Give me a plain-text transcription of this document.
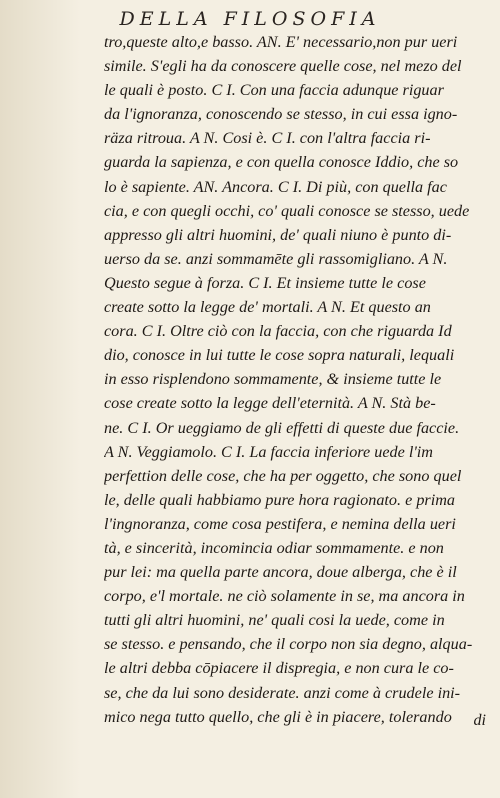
DELLA FILOSOFIA
tro,queste alto,e basso. AN. E' necessario,non pur ueri
simile. S'egli ha da conoscere quelle cose, nel mezo del
le quali è posto. C I. Con una faccia adunque riguar
da l'ignoranza, conoscendo se stesso, in cui essa igno-
räza ritroua. A N. Cosi è. C I. con l'altra faccia ri-
guarda la sapienza, e con quella conosce Iddio, che so
lo è sapiente. AN. Ancora. C I. Di più, con quella fac
cia, e con quegli occhi, co' quali conosce se stesso, uede
appresso gli altri huomini, de' quali niuno è punto di-
uerso da se. anzi sommamēte gli rassomigliano. A N.
Questo segue à forza. C I. Et insieme tutte le cose
create sotto la legge de' mortali. A N. Et questo an
cora. C I. Oltre ciò con la faccia, con che riguarda Id
dio, conosce in lui tutte le cose sopra naturali, lequali
in esso risplendono sommamente, & insieme tutte le
cose create sotto la legge dell'eternità. A N. Stà be-
ne. C I. Or ueggiamo de gli effetti di queste due faccie.
A N. Veggiamolo. C I. La faccia inferiore uede l'im
perfettion delle cose, che ha per oggetto, che sono quel
le, delle quali habbiamo pure hora ragionato. e prima
l'ingnoranza, come cosa pestifera, e nemina della ueri
tà, e sincerità, incomincia odiar sommamente. e non
pur lei: ma quella parte ancora, doue alberga, che è il
corpo, e'l mortale. ne ciò solamente in se, ma ancora in
tutti gli altri huomini, ne' quali cosi la uede, come in
se stesso. e pensando, che il corpo non sia degno, alqua-
le altri debba cōpiacere il dispregia, e non cura le co-
se, che da lui sono desiderate. anzi come à crudele ini-
mico nega tutto quello, che gli è in piacere, tolerando	di
